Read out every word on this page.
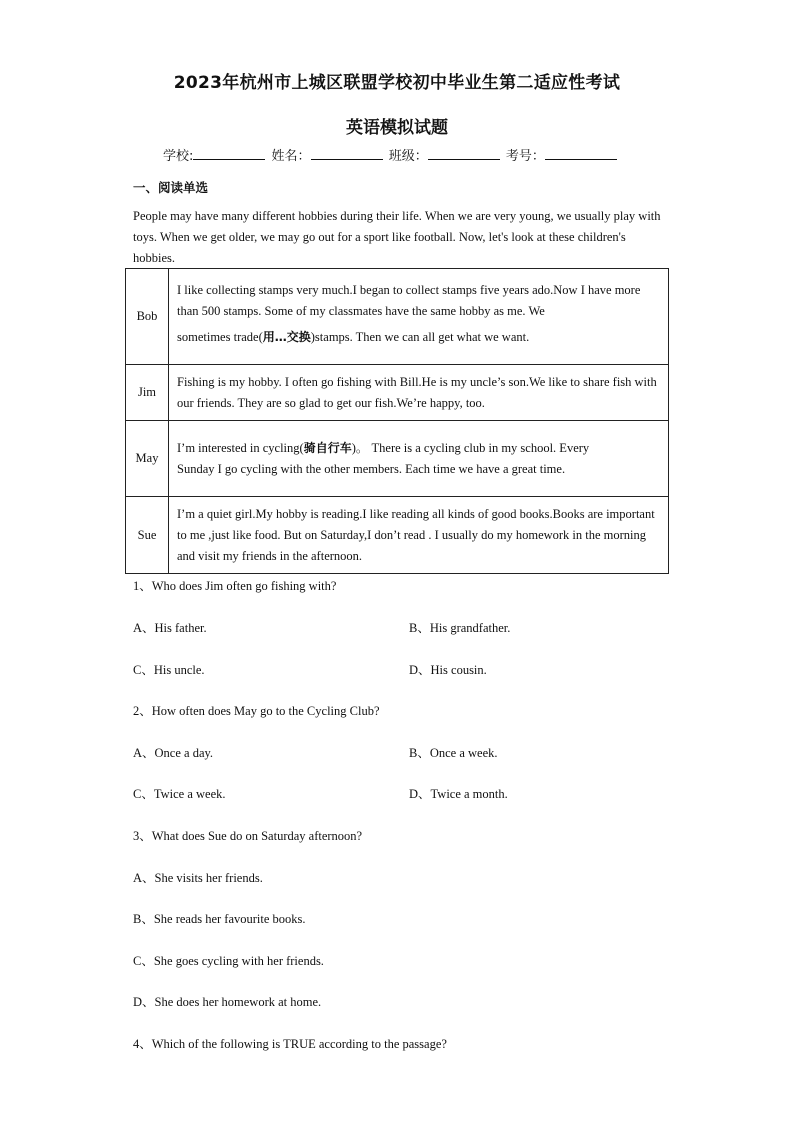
2023年杭州市上城区联盟学校初中毕业生第二适应性考试
英语模拟试题
学校:	姓名：	班级：	考号：
一、阅读单选
People may have many different hobbies during their life. When we are very young, we usually play with toys. When we get older, we may go out for a sport like football. Now, let's look at these children's hobbies.
Bob	I like collecting stamps very much.I began to collect stamps five years ado.Now I have more than 500 stamps. Some of my classmates have the same hobby as me. We
sometimes trade(用…交换)stamps. Then we can all get what we want.
Jim	Fishing is my hobby. I often go fishing with Bill.He is my uncle’s son.We like to share fish with our friends. They are so glad to get our fish.We’re happy, too.
May	I’m interested in cycling(骑自行车)。 There is a cycling club in my school. Every
Sunday I go cycling with the other members. Each time we have a great time.
Sue	I’m a quiet girl.My hobby is reading.I like reading all kinds of good books.Books are important to me ,just like food. But on Saturday,I don’t read . I usually do my homework in the morning and visit my friends in the afternoon.
1、Who does Jim often go fishing with?
A、His father.	B、His grandfather.
C、His uncle.	D、His cousin.
2、How often does May go to the Cycling Club?
A、Once a day.	B、Once a week.
C、Twice a week.	D、Twice a month.
3、What does Sue do on Saturday afternoon?
A、She visits her friends.
B、She reads her favourite books.
C、She goes cycling with her friends.
D、She does her homework at home.
4、Which of the following is TRUE according to the passage?
